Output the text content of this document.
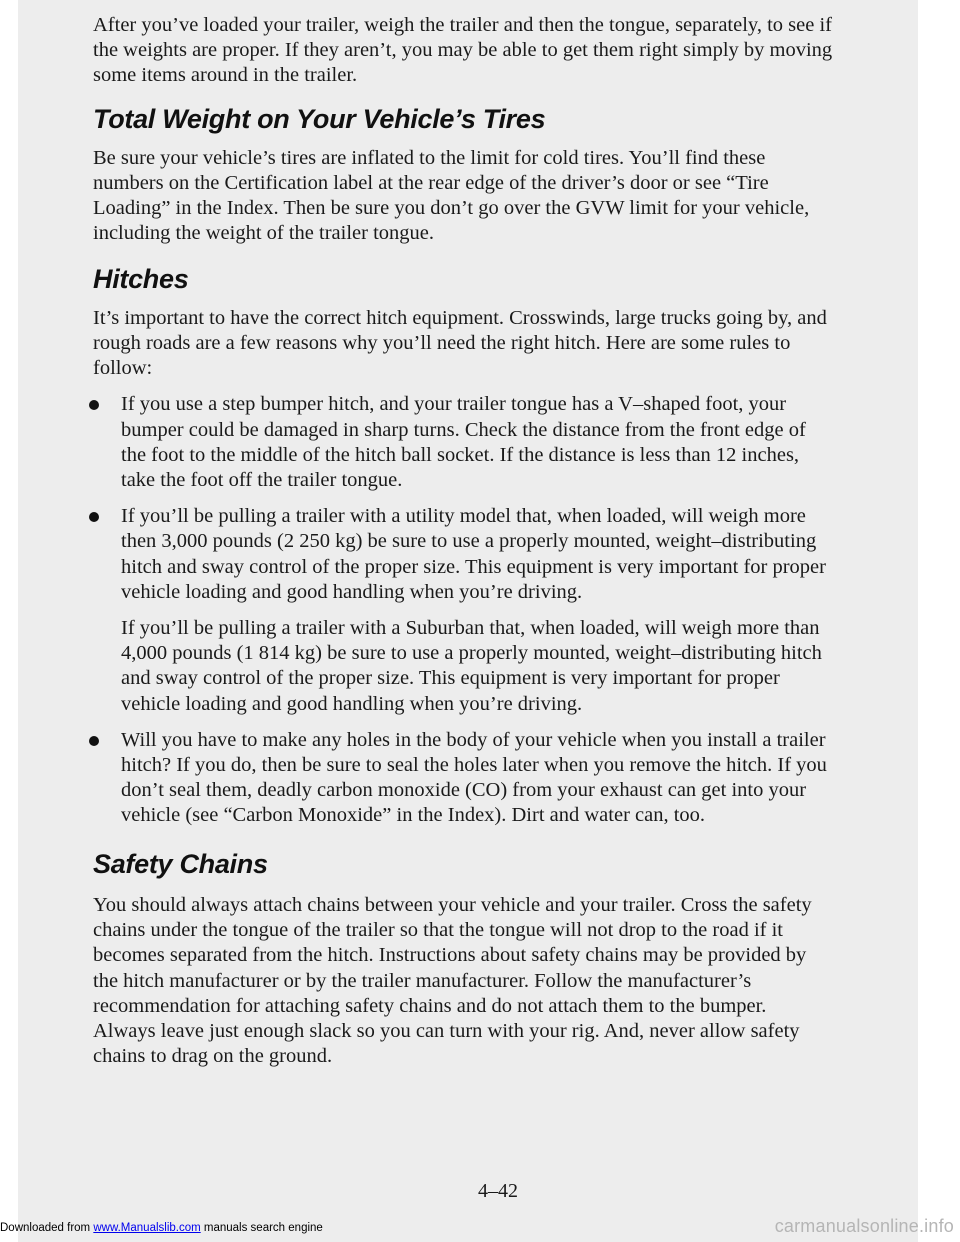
After you’ve loaded your trailer, weigh the trailer and then the tongue, separately, to see if the weights are proper. If they aren’t, you may be able to get them right simply by moving some items around in the trailer.

Total Weight on Your Vehicle’s Tires

Be sure your vehicle’s tires are inflated to the limit for cold tires. You’ll find these numbers on the Certification label at the rear edge of the driver’s door or see “Tire Loading” in the Index. Then be sure you don’t go over the GVW limit for your vehicle, including the weight of the trailer tongue.

Hitches

It’s important to have the correct hitch equipment. Crosswinds, large trucks going by, and rough roads are a few reasons why you’ll need the right hitch. Here are some rules to follow:

If you use a step bumper hitch, and your trailer tongue has a V–shaped foot, your bumper could be damaged in sharp turns. Check the distance from the front edge of the foot to the middle of the hitch ball socket. If the distance is less than 12 inches, take the foot off the trailer tongue.
If you’ll be pulling a trailer with a utility model that, when loaded, will weigh more then 3,000 pounds (2 250 kg) be sure to use a properly mounted, weight–distributing hitch and sway control of the proper size. This equipment is very important for proper vehicle loading and good handling when you’re driving.
If you’ll be pulling a trailer with a Suburban that, when loaded, will weigh more than 4,000 pounds (1 814 kg) be sure to use a properly mounted, weight–distributing hitch and sway control of the proper size. This equipment is very important for proper vehicle loading and good handling when you’re driving.
Will you have to make any holes in the body of your vehicle when you install a trailer hitch? If you do, then be sure to seal the holes later when you remove the hitch. If you don’t seal them, deadly carbon monoxide (CO) from your exhaust can get into your vehicle (see “Carbon Monoxide” in the Index). Dirt and water can, too.
Safety Chains

You should always attach chains between your vehicle and your trailer. Cross the safety chains under the tongue of the trailer so that the tongue will not drop to the road if it becomes separated from the hitch. Instructions about safety chains may be provided by the hitch manufacturer or by the trailer manufacturer. Follow the manufacturer’s recommendation for attaching safety chains and do not attach them to the bumper. Always leave just enough slack so you can turn with your rig. And, never allow safety chains to drag on the ground.

4–42
Downloaded from www.Manualslib.com manuals search engine	carmanualsonline.info
